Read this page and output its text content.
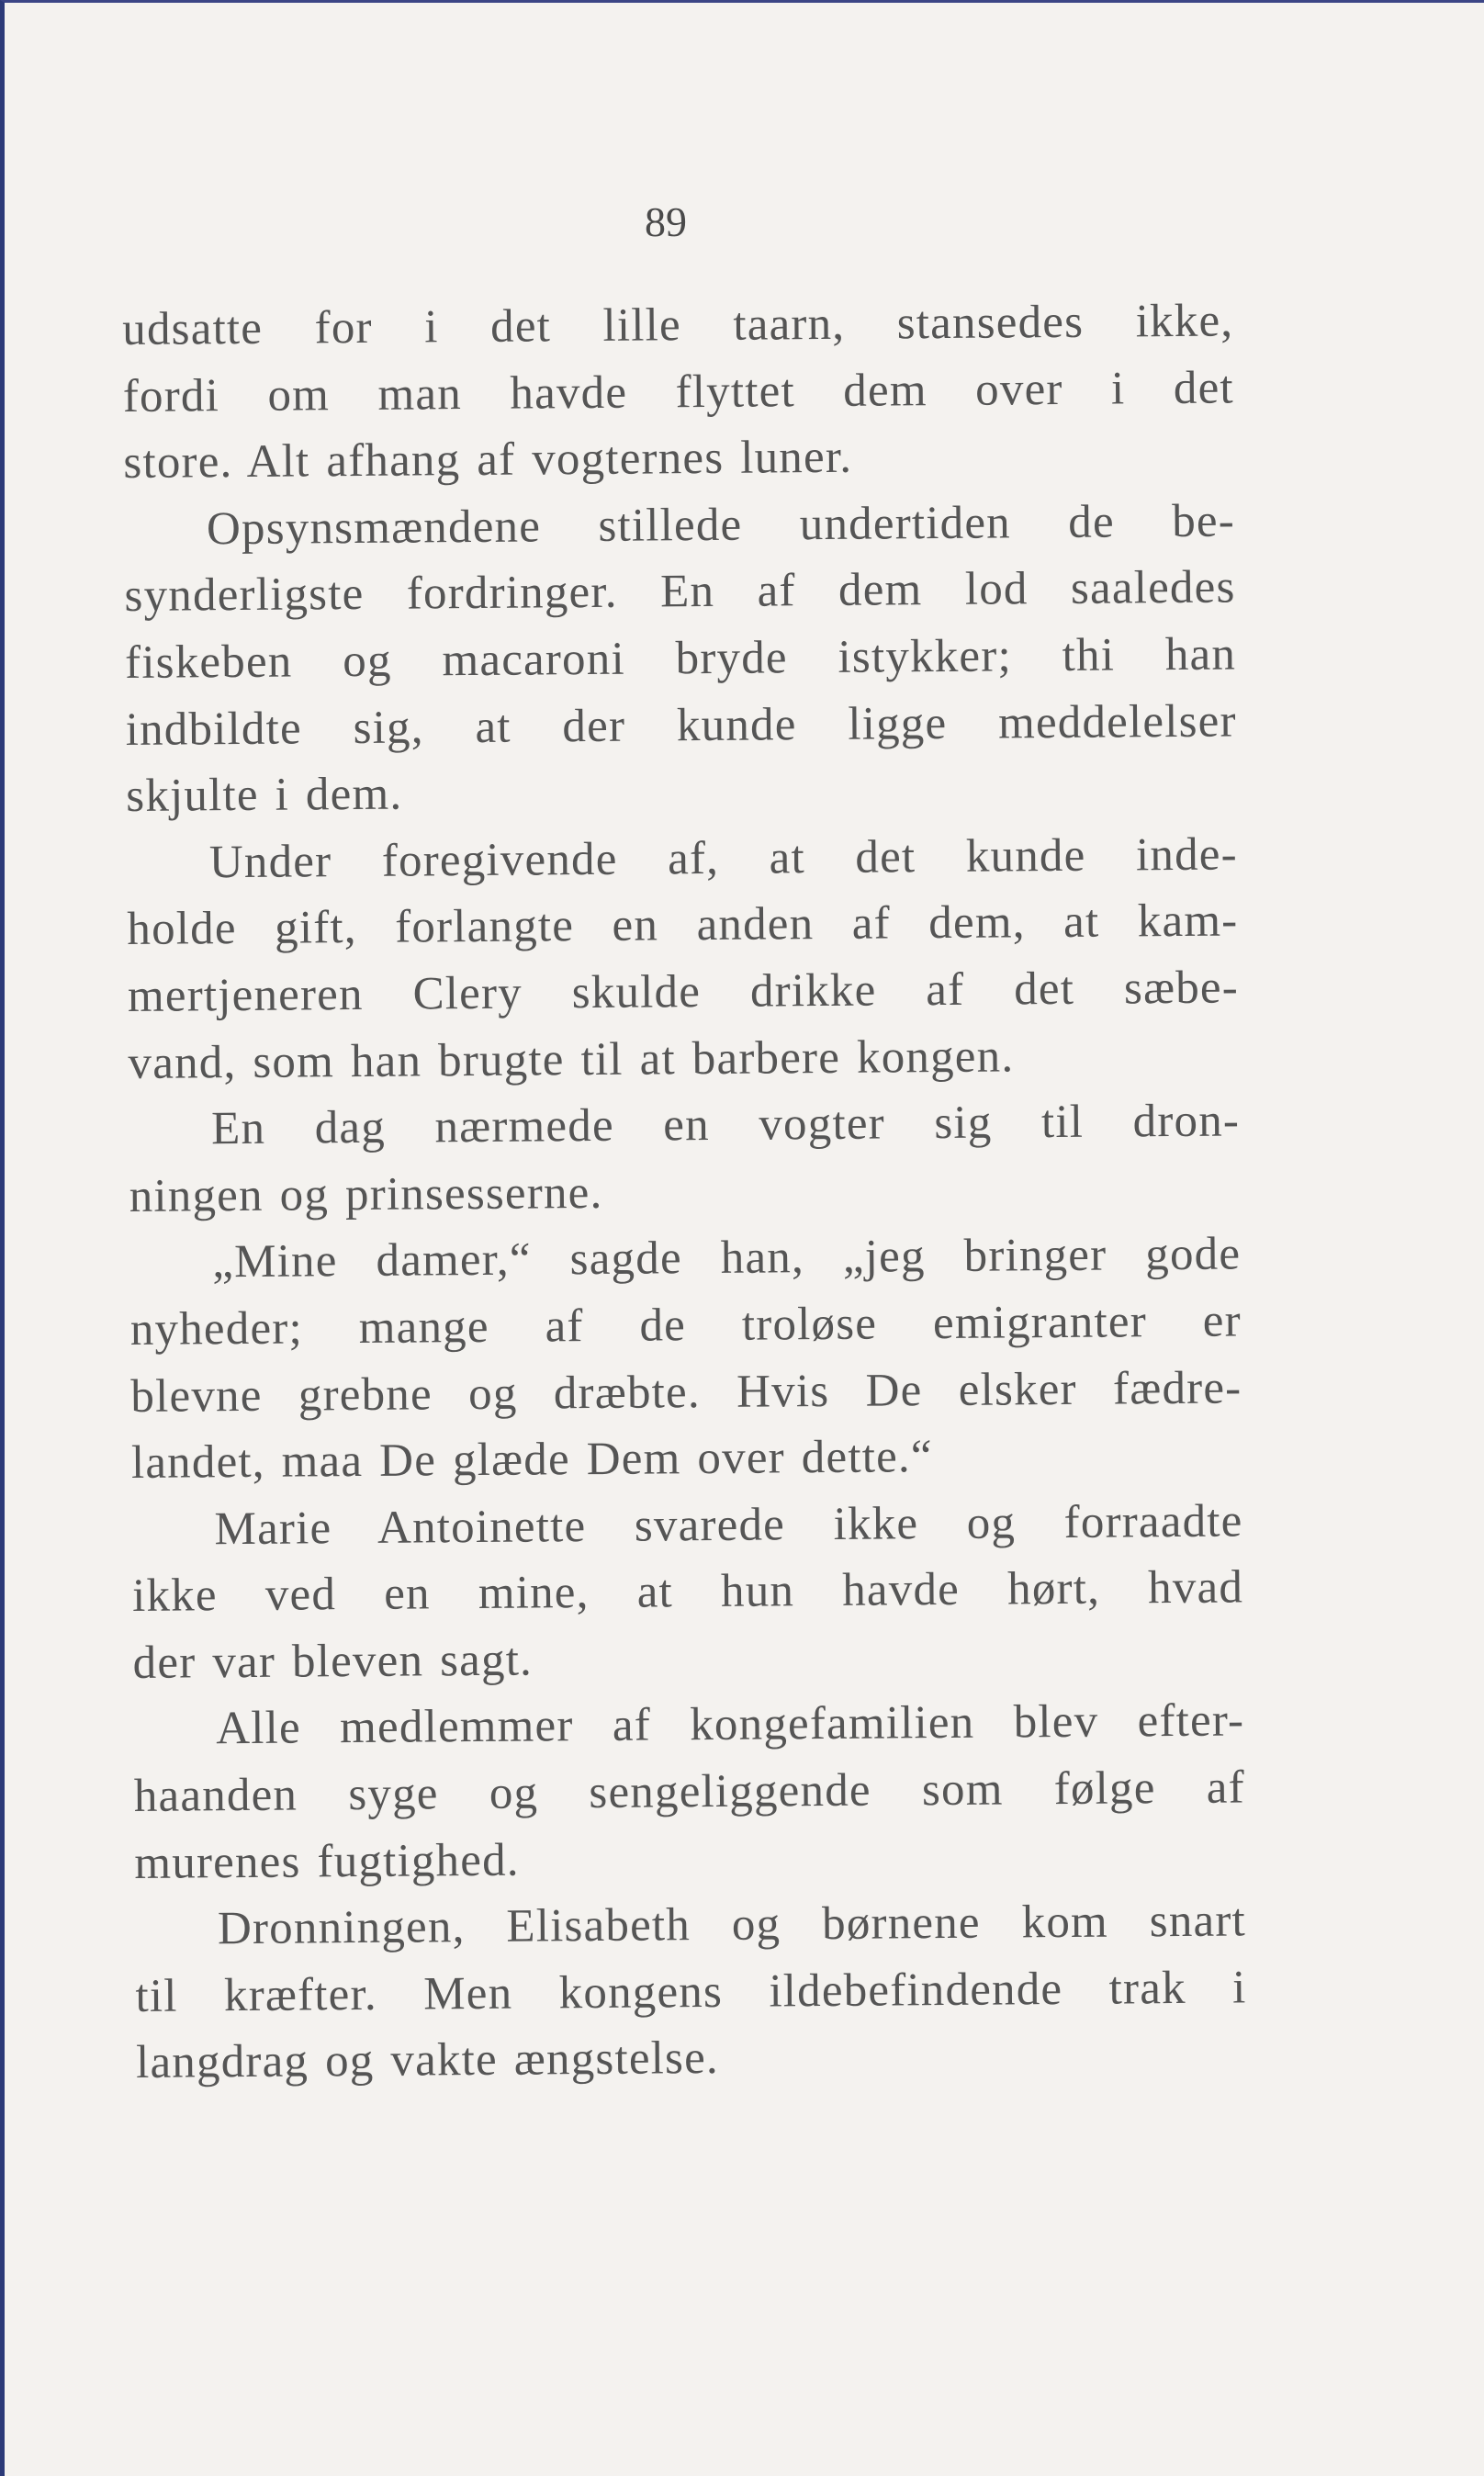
89

udsatte for i det lille taarn, stansedes ikke,
fordi om man havde flyttet dem over i det
store. Alt afhang af vogternes luner.

Opsynsmændene stillede undertiden de be-
synderligste fordringer. En af dem lod saaledes
fiskeben og macaroni bryde istykker; thi han
indbildte sig, at der kunde ligge meddelelser
skjulte i dem.

Under foregivende af, at det kunde inde-
holde gift, forlangte en anden af dem, at kam-
mertjeneren Clery skulde drikke af det sæbe-
vand, som han brugte til at barbere kongen.

En dag nærmede en vogter sig til dron-
ningen og prinsesserne.

„Mine damer,“ sagde han, „jeg bringer gode
nyheder; mange af de troløse emigranter er
blevne grebne og dræbte. Hvis De elsker fædre-
landet, maa De glæde Dem over dette.“

Marie Antoinette svarede ikke og forraadte
ikke ved en mine, at hun havde hørt, hvad
der var bleven sagt.

Alle medlemmer af kongefamilien blev efter-
haanden syge og sengeliggende som følge af
murenes fugtighed.

Dronningen, Elisabeth og børnene kom snart
til kræfter. Men kongens ildebefindende trak i
langdrag og vakte ængstelse.
